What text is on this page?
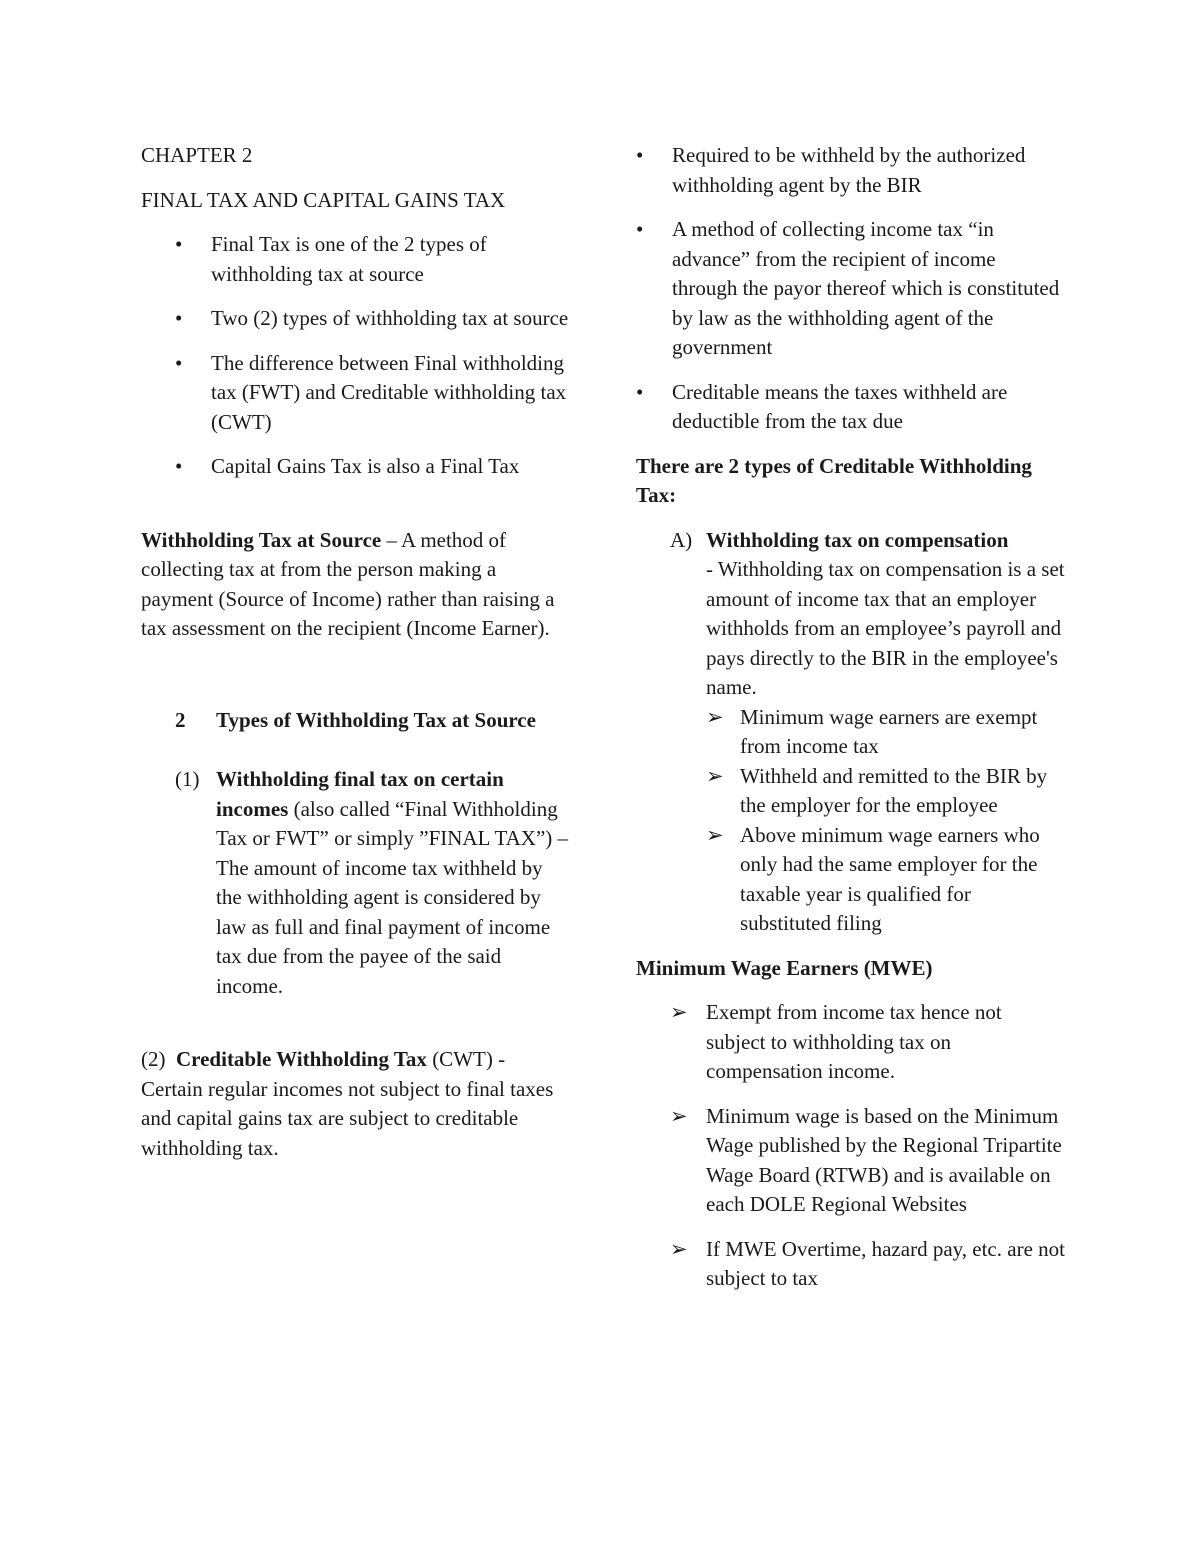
CHAPTER 2

FINAL TAX AND CAPITAL GAINS TAX

• Final Tax is one of the 2 types of withholding tax at source
• Two (2) types of withholding tax at source
• The difference between Final withholding tax (FWT) and Creditable withholding tax (CWT)
• Capital Gains Tax is also a Final Tax

Withholding Tax at Source – A method of collecting tax at from the person making a payment (Source of Income) rather than raising a tax assessment on the recipient (Income Earner).

2 Types of Withholding Tax at Source
(1) Withholding final tax on certain incomes (also called “Final Withholding Tax or FWT” or simply ”FINAL TAX”) – The amount of income tax withheld by the withholding agent is considered by law as full and final payment of income tax due from the payee of the said income.

(2) Creditable Withholding Tax (CWT) - Certain regular incomes not subject to final taxes and capital gains tax are subject to creditable withholding tax.

• Required to be withheld by the authorized withholding agent by the BIR
• A method of collecting income tax “in advance” from the recipient of income through the payor thereof which is constituted by law as the withholding agent of the government
• Creditable means the taxes withheld are deductible from the tax due

There are 2 types of Creditable Withholding Tax:

A) Withholding tax on compensation
- Withholding tax on compensation is a set amount of income tax that an employer withholds from an employee’s payroll and pays directly to the BIR in the employee's name.
➢ Minimum wage earners are exempt from income tax
➢ Withheld and remitted to the BIR by the employer for the employee
➢ Above minimum wage earners who only had the same employer for the taxable year is qualified for substituted filing

Minimum Wage Earners (MWE)

➢ Exempt from income tax hence not subject to withholding tax on compensation income.
➢ Minimum wage is based on the Minimum Wage published by the Regional Tripartite Wage Board (RTWB) and is available on each DOLE Regional Websites
➢ If MWE Overtime, hazard pay, etc. are not subject to tax
